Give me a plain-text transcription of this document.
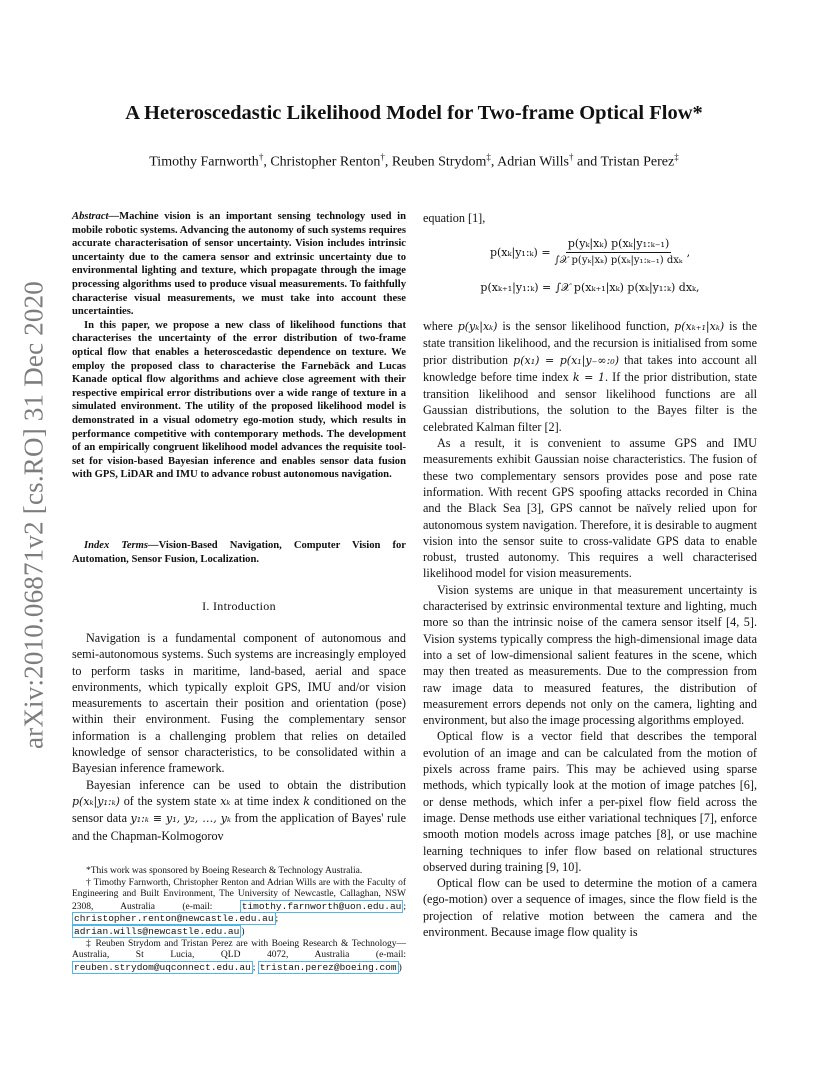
arXiv:2010.06871v2 [cs.RO] 31 Dec 2020
A Heteroscedastic Likelihood Model for Two-frame Optical Flow*
Timothy Farnworth†, Christopher Renton†, Reuben Strydom‡, Adrian Wills† and Tristan Perez‡

Abstract—Machine vision is an important sensing technology used in mobile robotic systems. Advancing the autonomy of such systems requires accurate characterisation of sensor uncertainty. Vision includes intrinsic uncertainty due to the camera sensor and extrinsic uncertainty due to environmental lighting and texture, which propagate through the image processing algorithms used to produce visual measurements. To faithfully characterise visual measurements, we must take into account these uncertainties.

In this paper, we propose a new class of likelihood functions that characterises the uncertainty of the error distribution of two-frame optical flow that enables a heteroscedastic dependence on texture. We employ the proposed class to characterise the Farnebäck and Lucas Kanade optical flow algorithms and achieve close agreement with their respective empirical error distributions over a wide range of texture in a simulated environment. The utility of the proposed likelihood model is demonstrated in a visual odometry ego-motion study, which results in performance competitive with contemporary methods. The development of an empirically congruent likelihood model advances the requisite tool-set for vision-based Bayesian inference and enables sensor data fusion with GPS, LiDAR and IMU to advance robust autonomous navigation.

Index Terms—Vision-Based Navigation, Computer Vision for Automation, Sensor Fusion, Localization.

I. Introduction

Navigation is a fundamental component of autonomous and semi-autonomous systems. Such systems are increasingly employed to perform tasks in maritime, land-based, aerial and space environments, which typically exploit GPS, IMU and/or vision measurements to ascertain their position and orientation (pose) within their environment. Fusing the complementary sensor information is a challenging problem that relies on detailed knowledge of sensor characteristics, to be consolidated within a Bayesian inference framework.

Bayesian inference can be used to obtain the distribution p(xₖ|y₁:ₖ) of the system state xₖ at time index k conditioned on the sensor data y₁:ₖ ≡ y₁, y₂, …, yₖ from the application of Bayes' rule and the Chapman-Kolmogorov

*This work was sponsored by Boeing Research & Technology Australia.

† Timothy Farnworth, Christopher Renton and Adrian Wills are with the Faculty of Engineering and Built Environment, The University of Newcastle, Callaghan, NSW 2308, Australia (e-mail: timothy.farnworth@uon.edu.au ; christopher.renton@newcastle.edu.au ; adrian.wills@newcastle.edu.au )

‡ Reuben Strydom and Tristan Perez are with Boeing Research & Technology—Australia, St Lucia, QLD 4072, Australia (e-mail: reuben.strydom@uqconnect.edu.au ; tristan.perez@boeing.com )

equation [1],
p(xₖ|y₁:ₖ) =
p(yₖ|xₖ) p(xₖ|y₁:ₖ₋₁)
∫𝒳 p(yₖ|xₖ) p(xₖ|y₁:ₖ₋₁) dxₖ
,
p(xₖ₊₁|y₁:ₖ) = ∫𝒳 p(xₖ₊₁|xₖ) p(xₖ|y₁:ₖ) dxₖ,

where p(yₖ|xₖ) is the sensor likelihood function, p(xₖ₊₁|xₖ) is the state transition likelihood, and the recursion is initialised from some prior distribution p(x₁) = p(x₁|y₋∞:₀) that takes into account all knowledge before time index k = 1. If the prior distribution, state transition likelihood and sensor likelihood functions are all Gaussian distributions, the solution to the Bayes filter is the celebrated Kalman filter [2].

As a result, it is convenient to assume GPS and IMU measurements exhibit Gaussian noise characteristics. The fusion of these two complementary sensors provides pose and pose rate information. With recent GPS spoofing attacks recorded in China and the Black Sea [3], GPS cannot be naïvely relied upon for autonomous system navigation. Therefore, it is desirable to augment vision into the sensor suite to cross-validate GPS data to enable robust, trusted autonomy. This requires a well characterised likelihood model for vision measurements.

Vision systems are unique in that measurement uncertainty is characterised by extrinsic environmental texture and lighting, much more so than the intrinsic noise of the camera sensor itself [4, 5]. Vision systems typically compress the high-dimensional image data into a set of low-dimensional salient features in the scene, which may then treated as measurements. Due to the compression from raw image data to measured features, the distribution of measurement errors depends not only on the camera, lighting and environment, but also the image processing algorithms employed.

Optical flow is a vector field that describes the temporal evolution of an image and can be calculated from the motion of pixels across frame pairs. This may be achieved using sparse methods, which typically look at the motion of image patches [6], or dense methods, which infer a per-pixel flow field across the image. Dense methods use either variational techniques [7], enforce smooth motion models across image patches [8], or use machine learning techniques to infer flow based on relational structures observed during training [9, 10].

Optical flow can be used to determine the motion of a camera (ego-motion) over a sequence of images, since the flow field is the projection of relative motion between the camera and the environment. Because image flow quality is
